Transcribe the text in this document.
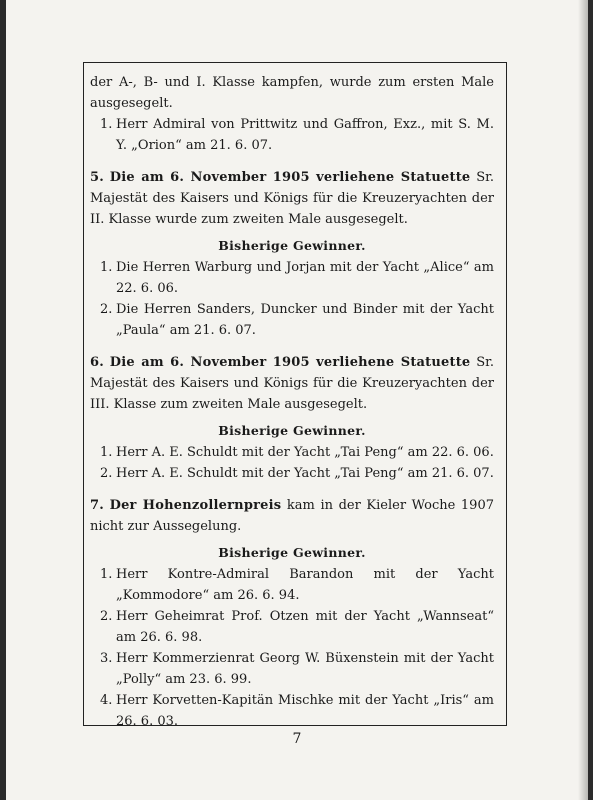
der A-, B- und I. Klasse kampfen, wurde zum ersten Male ausgesegelt.

1. Herr Admiral von Prittwitz und Gaffron, Exz., mit S. M. Y. „Orion“ am 21. 6. 07.

5. Die am 6. November 1905 verliehene Statuette Sr. Majestät des Kaisers und Königs für die Kreuzeryachten der II. Klasse wurde zum zweiten Male ausgesegelt.

Bisherige Gewinner.
1. Die Herren Warburg und Jorjan mit der Yacht „Alice“ am 22. 6. 06.
2. Die Herren Sanders, Duncker und Binder mit der Yacht „Paula“ am 21. 6. 07.

6. Die am 6. November 1905 verliehene Statuette Sr. Majestät des Kaisers und Königs für die Kreuzeryachten der III. Klasse zum zweiten Male ausgesegelt.

Bisherige Gewinner.
1. Herr A. E. Schuldt mit der Yacht „Tai Peng“ am 22. 6. 06.
2. Herr A. E. Schuldt mit der Yacht „Tai Peng“ am 21. 6. 07.

7. Der Hohenzollernpreis kam in der Kieler Woche 1907 nicht zur Aussegelung.

Bisherige Gewinner.
1. Herr Kontre-Admiral Barandon mit der Yacht „Kommodore“ am 26. 6. 94.
2. Herr Geheimrat Prof. Otzen mit der Yacht „Wannseat“ am 26. 6. 98.
3. Herr Kommerzienrat Georg W. Büxenstein mit der Yacht „Polly“ am 23. 6. 99.
4. Herr Korvetten-Kapitän Mischke mit der Yacht „Iris“ am 26. 6. 03.
7
